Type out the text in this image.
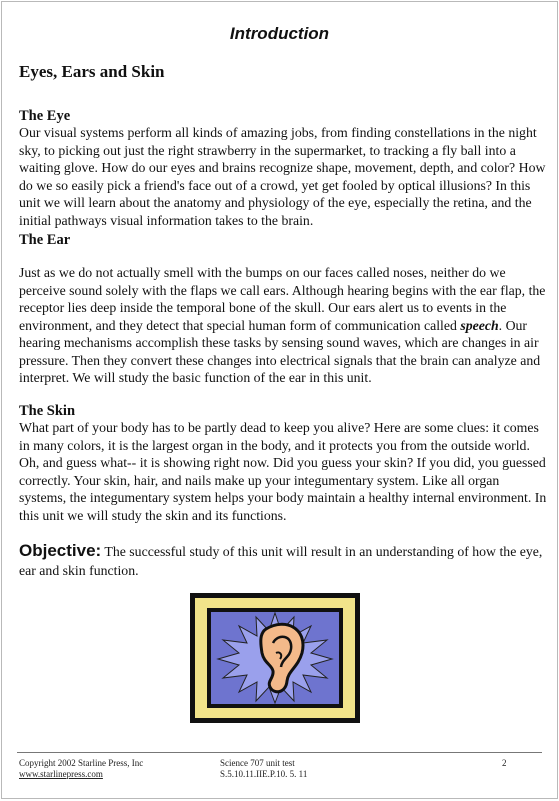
Introduction
Eyes, Ears and Skin
The Eye
Our visual systems perform all kinds of amazing jobs, from finding constellations in the night sky, to picking out just the right strawberry in the supermarket, to tracking a fly ball into a waiting glove. How do our eyes and brains recognize shape, movement, depth, and color? How do we so easily pick a friend's face out of a crowd, yet get fooled by optical illusions? In this unit we will learn about the anatomy and physiology of the eye, especially the retina, and the initial pathways visual information takes to the brain.
The Ear
Just as we do not actually smell with the bumps on our faces called noses, neither do we perceive sound solely with the flaps we call ears. Although hearing begins with the ear flap, the receptor lies deep inside the temporal bone of the skull. Our ears alert us to events in the environment, and they detect that special human form of communication called speech. Our hearing mechanisms accomplish these tasks by sensing sound waves, which are changes in air pressure. Then they convert these changes into electrical signals that the brain can analyze and interpret. We will study the basic function of the ear in this unit.
The Skin
What part of your body has to be partly dead to keep you alive? Here are some clues: it comes in many colors, it is the largest organ in the body, and it protects you from the outside world. Oh, and guess what-- it is showing right now. Did you guess your skin? If you did, you guessed correctly. Your skin, hair, and nails make up your integumentary system. Like all organ systems, the integumentary system helps your body maintain a healthy internal environment. In this unit we will study the skin and its functions.
Objective: The successful study of this unit will result in an understanding of how the eye, ear and skin function.
Copyright 2002 Starline Press, Inc
www.starlinepress.com
Science 707 unit test
S.5.10.11.IIE.P.10. 5. 11
2
